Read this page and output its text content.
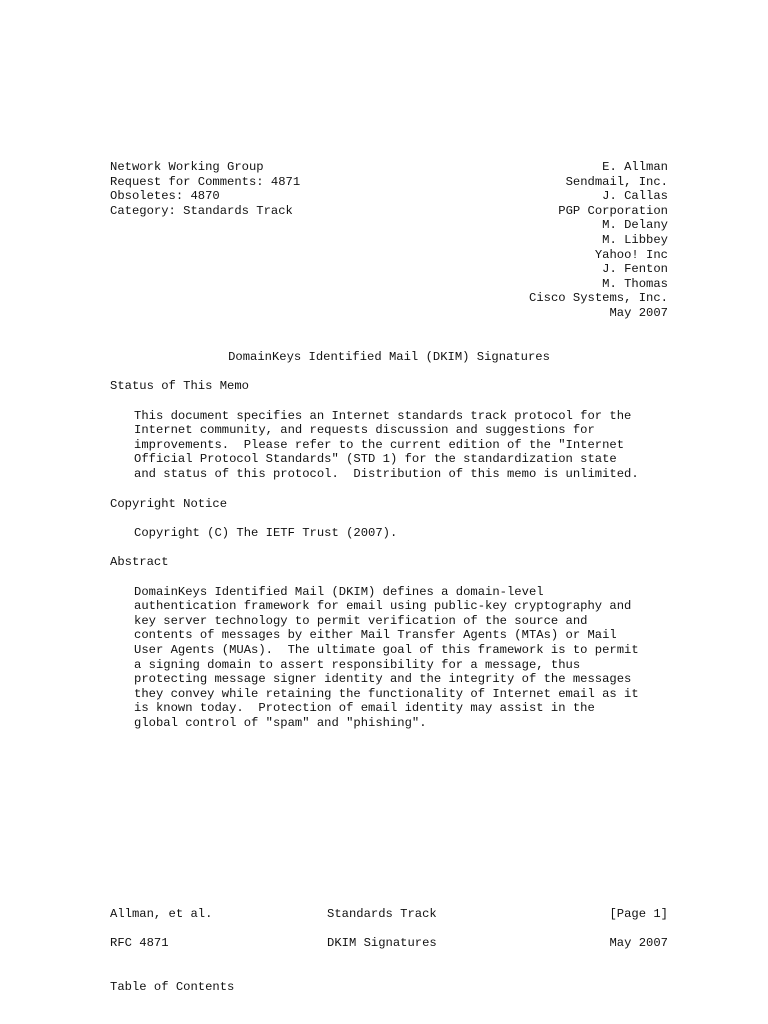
Network Working Group
Request for Comments: 4871
Obsoletes: 4870
Category: Standards Track
E. Allman
Sendmail, Inc.
J. Callas
PGP Corporation
M. Delany
M. Libbey
Yahoo! Inc
J. Fenton
M. Thomas
Cisco Systems, Inc.
May 2007
DomainKeys Identified Mail (DKIM) Signatures
Status of This Memo
This document specifies an Internet standards track protocol for the
Internet community, and requests discussion and suggestions for
improvements.  Please refer to the current edition of the "Internet
Official Protocol Standards" (STD 1) for the standardization state
and status of this protocol.  Distribution of this memo is unlimited.
Copyright Notice
Copyright (C) The IETF Trust (2007).
Abstract
DomainKeys Identified Mail (DKIM) defines a domain-level
authentication framework for email using public-key cryptography and
key server technology to permit verification of the source and
contents of messages by either Mail Transfer Agents (MTAs) or Mail
User Agents (MUAs).  The ultimate goal of this framework is to permit
a signing domain to assert responsibility for a message, thus
protecting message signer identity and the integrity of the messages
they convey while retaining the functionality of Internet email as it
is known today.  Protection of email identity may assist in the
global control of "spam" and "phishing".
Allman, et al.	Standards Track	[Page 1]
RFC 4871	DKIM Signatures	May 2007
Table of Contents
